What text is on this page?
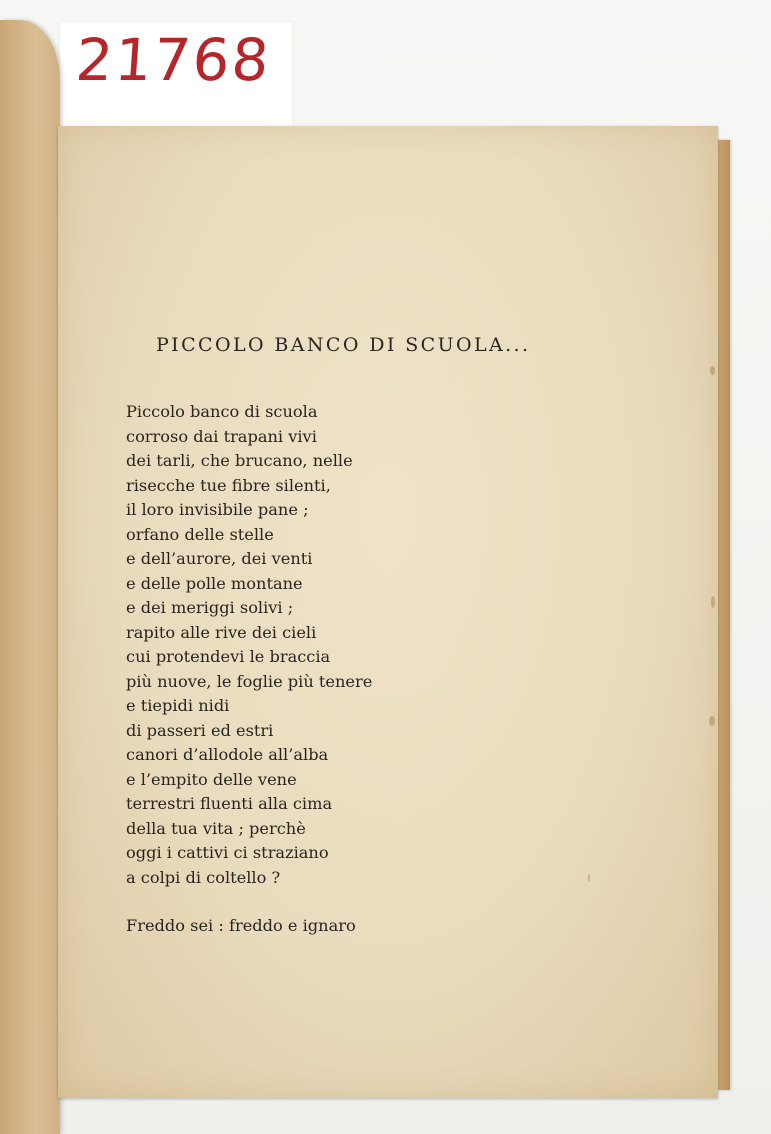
21768
PICCOLO BANCO DI SCUOLA...
Piccolo banco di scuola
corroso dai trapani vivi
dei tarli, che brucano, nelle
risecche tue fibre silenti,
il loro invisibile pane ;
orfano delle stelle
e dell’aurore, dei venti
e delle polle montane
e dei meriggi solivi ;
rapito alle rive dei cieli
cui protendevi le braccia
più nuove, le foglie più tenere
e tiepidi nidi
di passeri ed estri
canori d’allodole all’alba
e l’empito delle vene
terrestri fluenti alla cima
della tua vita ; perchè
oggi i cattivi ci straziano
a colpi di coltello ?
Freddo sei : freddo e ignaro
